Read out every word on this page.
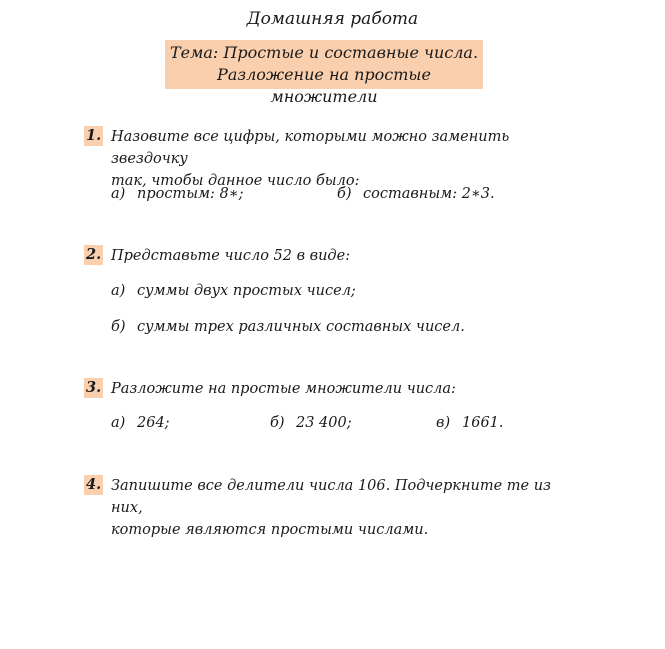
Домашняя работа
Тема: Простые и составные числа.
Разложение на простые множители
1. Назовите все цифры, которыми можно заменить звездочку
так, чтобы данное число было:
а) простым: 8∗;	б) составным: 2∗3.
2. Представьте число 52 в виде:
а) суммы двух простых чисел;
б) суммы трех различных составных чисел.
3. Разложите на простые множители числа:
а) 264;	б) 23 400;	в) 1661.
4. Запишите все делители числа 106. Подчеркните те из них,
которые являются простыми числами.
